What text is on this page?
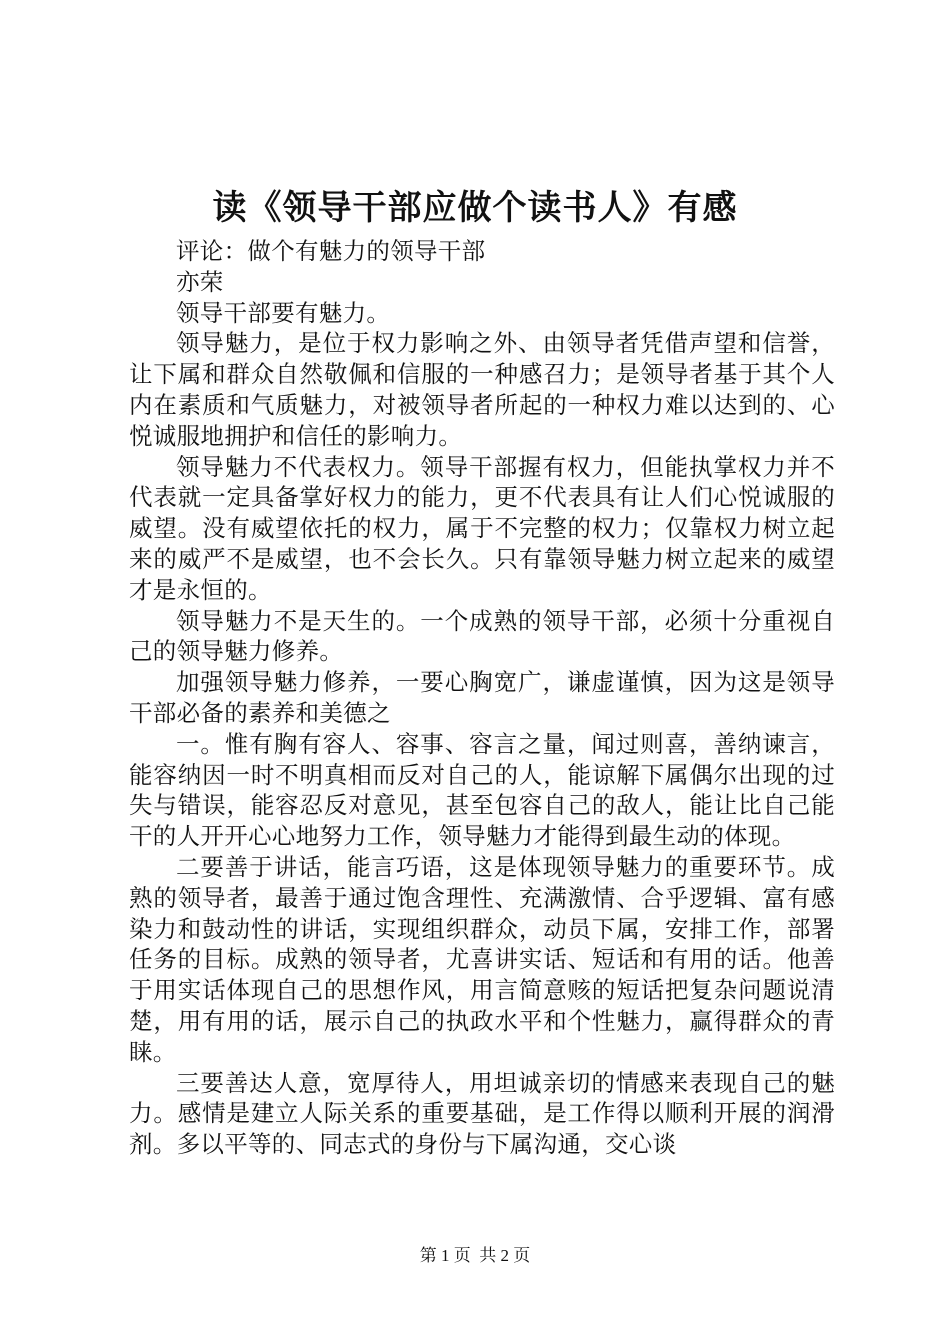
读《领导干部应做个读书人》有感

评论：做个有魅力的领导干部

亦荣

领导干部要有魅力。

领导魅力，是位于权力影响之外、由领导者凭借声望和信誉，让下属和群众自然敬佩和信服的一种感召力；是领导者基于其个人内在素质和气质魅力，对被领导者所起的一种权力难以达到的、心悦诚服地拥护和信任的影响力。

领导魅力不代表权力。领导干部握有权力，但能执掌权力并不代表就一定具备掌好权力的能力，更不代表具有让人们心悦诚服的威望。没有威望依托的权力，属于不完整的权力；仅靠权力树立起来的威严不是威望，也不会长久。只有靠领导魅力树立起来的威望才是永恒的。

领导魅力不是天生的。一个成熟的领导干部，必须十分重视自己的领导魅力修养。

加强领导魅力修养，一要心胸宽广，谦虚谨慎，因为这是领导干部必备的素养和美德之

一。惟有胸有容人、容事、容言之量，闻过则喜，善纳谏言，能容纳因一时不明真相而反对自己的人，能谅解下属偶尔出现的过失与错误，能容忍反对意见，甚至包容自己的敌人，能让比自己能干的人开开心心地努力工作，领导魅力才能得到最生动的体现。

二要善于讲话，能言巧语，这是体现领导魅力的重要环节。成熟的领导者，最善于通过饱含理性、充满激情、合乎逻辑、富有感染力和鼓动性的讲话，实现组织群众，动员下属，安排工作，部署任务的目标。成熟的领导者，尤喜讲实话、短话和有用的话。他善于用实话体现自己的思想作风，用言简意赅的短话把复杂问题说清楚，用有用的话，展示自己的执政水平和个性魅力，赢得群众的青睐。

三要善达人意，宽厚待人，用坦诚亲切的情感来表现自己的魅力。感情是建立人际关系的重要基础，是工作得以顺利开展的润滑剂。多以平等的、同志式的身份与下属沟通，交心谈

第 1 页  共 2 页
